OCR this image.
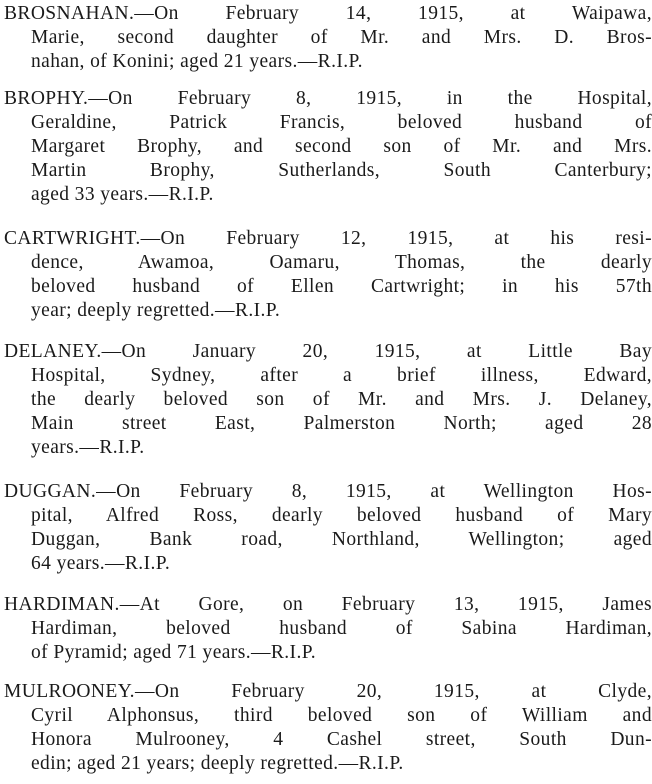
BROSNAHAN.—On February 14, 1915, at Waipawa,
Marie, second daughter of Mr. and Mrs. D. Bros-
nahan, of Konini; aged 21 years.—R.I.P.
BROPHY.—On February 8, 1915, in the Hospital,
Geraldine, Patrick Francis, beloved husband of
Margaret Brophy, and second son of Mr. and Mrs.
Martin Brophy, Sutherlands, South Canterbury;
aged 33 years.—R.I.P.
CARTWRIGHT.—On February 12, 1915, at his resi-
dence, Awamoa, Oamaru, Thomas, the dearly
beloved husband of Ellen Cartwright; in his 57th
year; deeply regretted.—R.I.P.
DELANEY.—On January 20, 1915, at Little Bay
Hospital, Sydney, after a brief illness, Edward,
the dearly beloved son of Mr. and Mrs. J. Delaney,
Main street East, Palmerston North; aged 28
years.—R.I.P.
DUGGAN.—On February 8, 1915, at Wellington Hos-
pital, Alfred Ross, dearly beloved husband of Mary
Duggan, Bank road, Northland, Wellington; aged
64 years.—R.I.P.
HARDIMAN.—At Gore, on February 13, 1915, James
Hardiman, beloved husband of Sabina Hardiman,
of Pyramid; aged 71 years.—R.I.P.
MULROONEY.—On February 20, 1915, at Clyde,
Cyril Alphonsus, third beloved son of William and
Honora Mulrooney, 4 Cashel street, South Dun-
edin; aged 21 years; deeply regretted.—R.I.P.
